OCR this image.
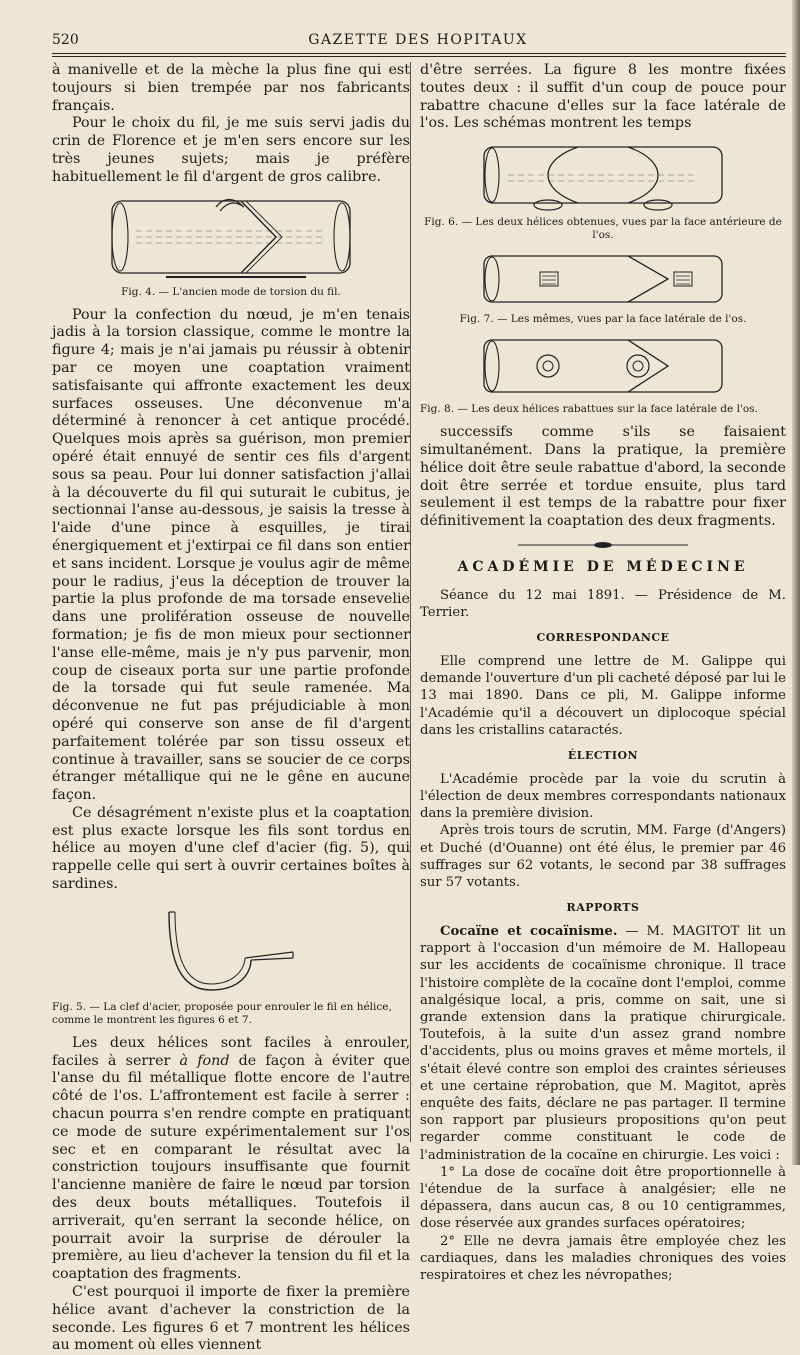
520	GAZETTE DES HOPITAUX

à manivelle et de la mèche la plus fine qui est toujours si bien trempée par nos fabricants français.

Pour le choix du fil, je me suis servi jadis du crin de Florence et je m'en sers encore sur les très jeunes sujets; mais je préfère habituellement le fil d'argent de gros calibre.

Fig. 4. — L'ancien mode de torsion du fil.

Pour la confection du nœud, je m'en tenais jadis à la torsion classique, comme le montre la figure 4; mais je n'ai jamais pu réussir à obtenir par ce moyen une coaptation vraiment satisfaisante qui affronte exactement les deux surfaces osseuses. Une déconvenue m'a déterminé à renoncer à cet antique procédé. Quelques mois après sa guérison, mon premier opéré était ennuyé de sentir ces fils d'argent sous sa peau. Pour lui donner satisfaction j'allai à la découverte du fil qui suturait le cubitus, je sectionnai l'anse au-dessous, je saisis la tresse à l'aide d'une pince à esquilles, je tirai énergiquement et j'extirpai ce fil dans son entier et sans incident. Lorsque je voulus agir de même pour le radius, j'eus la déception de trouver la partie la plus profonde de ma torsade ensevelie dans une prolifération osseuse de nouvelle formation; je fis de mon mieux pour sectionner l'anse elle-même, mais je n'y pus parvenir, mon coup de ciseaux porta sur une partie profonde de la torsade qui fut seule ramenée. Ma déconvenue ne fut pas préjudiciable à mon opéré qui conserve son anse de fil d'argent parfaitement tolérée par son tissu osseux et continue à travailler, sans se soucier de ce corps étranger métallique qui ne le gêne en aucune façon.

Ce désagrément n'existe plus et la coaptation est plus exacte lorsque les fils sont tordus en hélice au moyen d'une clef d'acier (fig. 5), qui rappelle celle qui sert à ouvrir certaines boîtes à sardines.

Fig. 5. — La clef d'acier, proposée pour enrouler le fil en hélice, comme le montrent les figures 6 et 7.

Les deux hélices sont faciles à enrouler, faciles à serrer à fond de façon à éviter que l'anse du fil métallique flotte encore de l'autre côté de l'os. L'affrontement est facile à serrer : chacun pourra s'en rendre compte en pratiquant ce mode de suture expérimentalement sur l'os sec et en comparant le résultat avec la constriction toujours insuffisante que fournit l'ancienne manière de faire le nœud par torsion des deux bouts métalliques. Toutefois il arriverait, qu'en serrant la seconde hélice, on pourrait avoir la surprise de dérouler la première, au lieu d'achever la tension du fil et la coaptation des fragments.

C'est pourquoi il importe de fixer la première hélice avant d'achever la constriction de la seconde. Les figures 6 et 7 montrent les hélices au moment où elles viennent

d'être serrées. La figure 8 les montre fixées toutes deux : il suffit d'un coup de pouce pour rabattre chacune d'elles sur la face latérale de l'os. Les schémas montrent les temps

Fig. 6. — Les deux hélices obtenues, vues par la face antérieure de l'os.
Fig. 7. — Les mêmes, vues par la face latérale de l'os.
Fig. 8. — Les deux hélices rabattues sur la face latérale de l'os.

successifs comme s'ils se faisaient simultanément. Dans la pratique, la première hélice doit être seule rabattue d'abord, la seconde doit être serrée et tordue ensuite, plus tard seulement il est temps de la rabattre pour fixer définitivement la coaptation des deux fragments.

ACADÉMIE DE MÉDECINE

Séance du 12 mai 1891. — Présidence de M. Terrier.

CORRESPONDANCE

Elle comprend une lettre de M. Galippe qui demande l'ouverture d'un pli cacheté déposé par lui le 13 mai 1890. Dans ce pli, M. Galippe informe l'Académie qu'il a découvert un diplocoque spécial dans les cristallins cataractés.

ÉLECTION

L'Académie procède par la voie du scrutin à l'élection de deux membres correspondants nationaux dans la première division.

Après trois tours de scrutin, MM. Farge (d'Angers) et Duché (d'Ouanne) ont été élus, le premier par 46 suffrages sur 62 votants, le second par 38 suffrages sur 57 votants.

RAPPORTS

Cocaïne et cocaïnisme. — M. MAGITOT lit un rapport à l'occasion d'un mémoire de M. Hallopeau sur les accidents de cocaïnisme chronique. Il trace l'histoire complète de la cocaïne dont l'emploi, comme analgésique local, a pris, comme on sait, une si grande extension dans la pratique chirurgicale. Toutefois, à la suite d'un assez grand nombre d'accidents, plus ou moins graves et même mortels, il s'était élevé contre son emploi des craintes sérieuses et une certaine réprobation, que M. Magitot, après enquête des faits, déclare ne pas partager. Il termine son rapport par plusieurs propositions qu'on peut regarder comme constituant le code de l'administration de la cocaïne en chirurgie. Les voici :

1° La dose de cocaïne doit être proportionnelle à l'étendue de la surface à analgésier; elle ne dépassera, dans aucun cas, 8 ou 10 centigrammes, dose réservée aux grandes surfaces opératoires;

2° Elle ne devra jamais être employée chez les cardiaques, dans les maladies chroniques des voies respiratoires et chez les névropathes;
